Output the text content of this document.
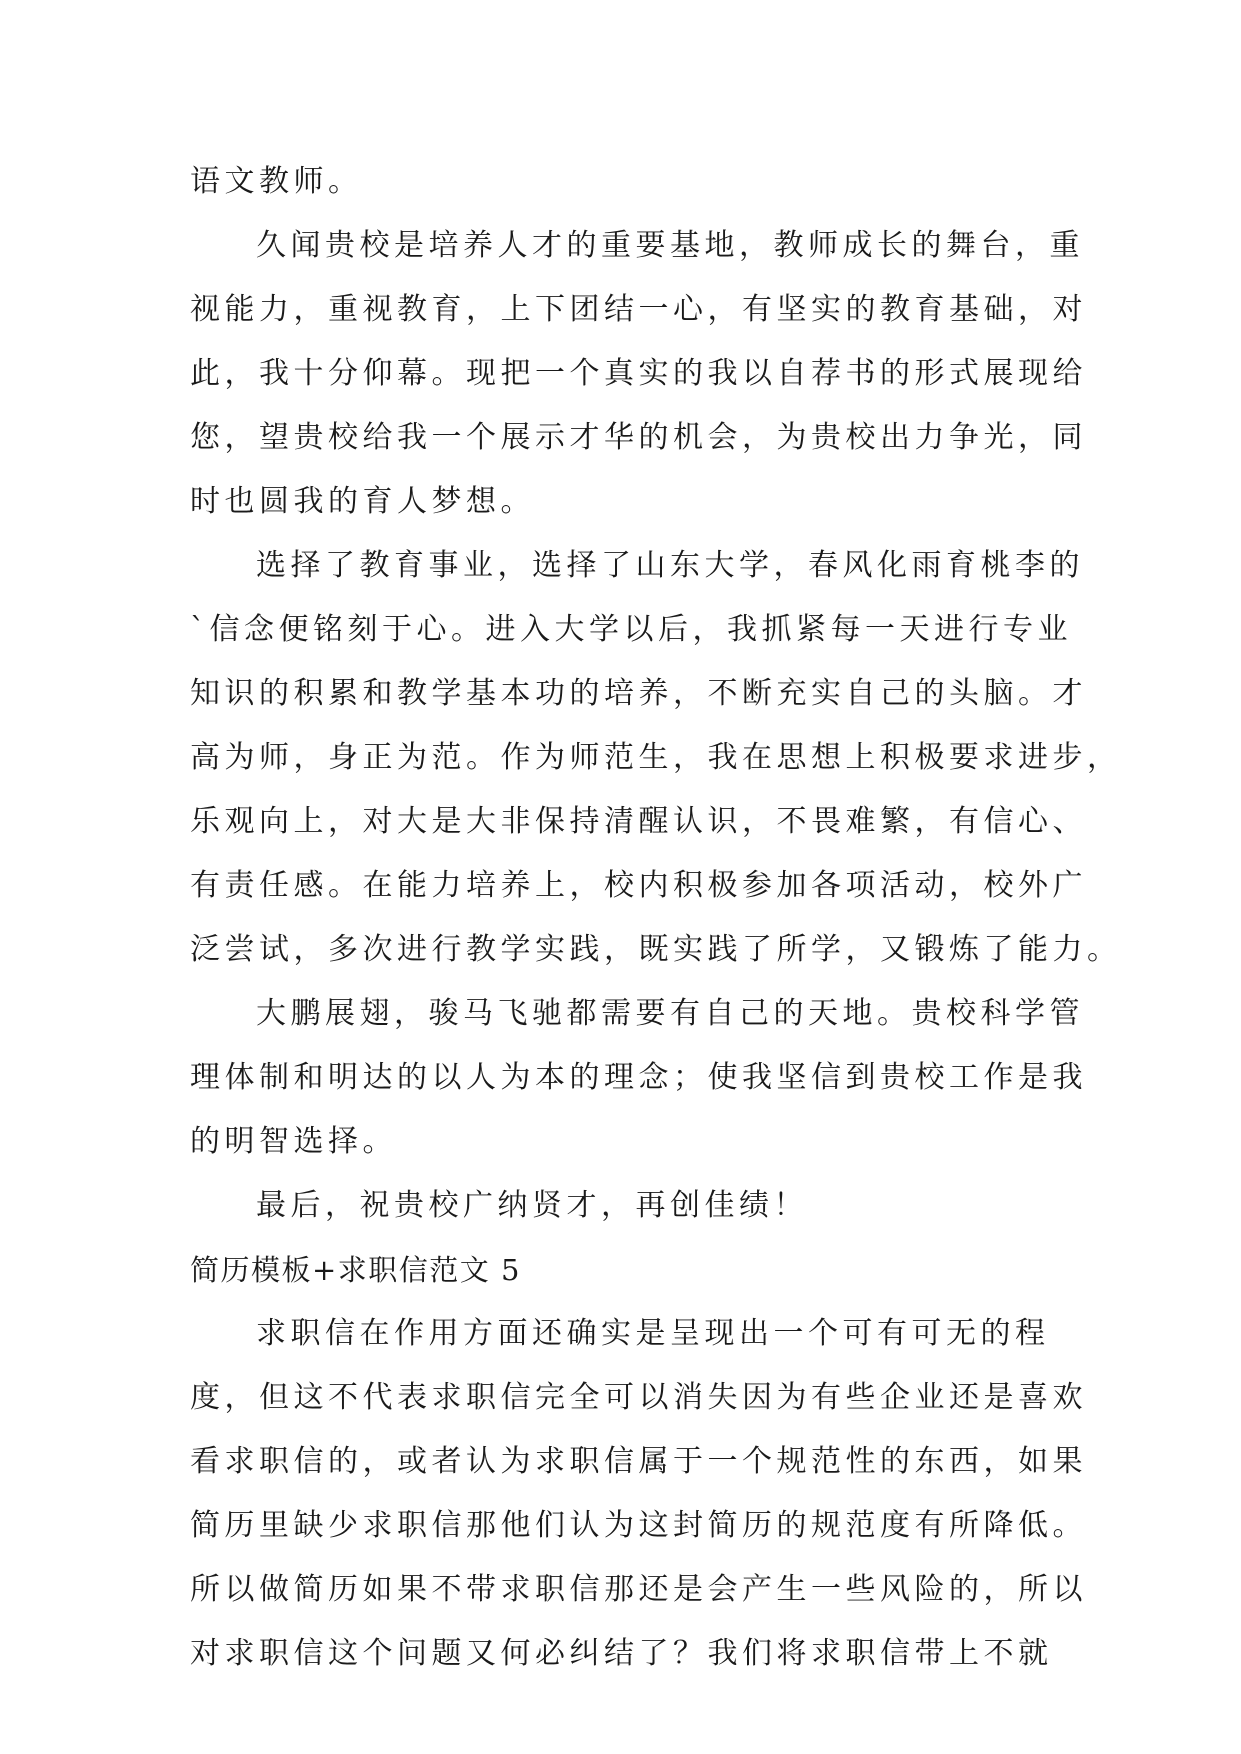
语文教师。
久闻贵校是培养人才的重要基地，教师成长的舞台，重
视能力，重视教育，上下团结一心，有坚实的教育基础，对
此，我十分仰幕。现把一个真实的我以自荐书的形式展现给
您，望贵校给我一个展示才华的机会，为贵校出力争光，同
时也圆我的育人梦想。
选择了教育事业，选择了山东大学，春风化雨育桃李的
`信念便铭刻于心。进入大学以后，我抓紧每一天进行专业
知识的积累和教学基本功的培养，不断充实自己的头脑。才
高为师，身正为范。作为师范生，我在思想上积极要求进步，
乐观向上，对大是大非保持清醒认识，不畏难繁，有信心、
有责任感。在能力培养上，校内积极参加各项活动，校外广
泛尝试，多次进行教学实践，既实践了所学，又锻炼了能力。
大鹏展翅，骏马飞驰都需要有自己的天地。贵校科学管
理体制和明达的以人为本的理念；使我坚信到贵校工作是我
的明智选择。
最后，祝贵校广纳贤才，再创佳绩！
简历模板+求职信范文 5
求职信在作用方面还确实是呈现出一个可有可无的程
度，但这不代表求职信完全可以消失因为有些企业还是喜欢
看求职信的，或者认为求职信属于一个规范性的东西，如果
简历里缺少求职信那他们认为这封简历的规范度有所降低。
所以做简历如果不带求职信那还是会产生一些风险的，所以
对求职信这个问题又何必纠结了？我们将求职信带上不就
